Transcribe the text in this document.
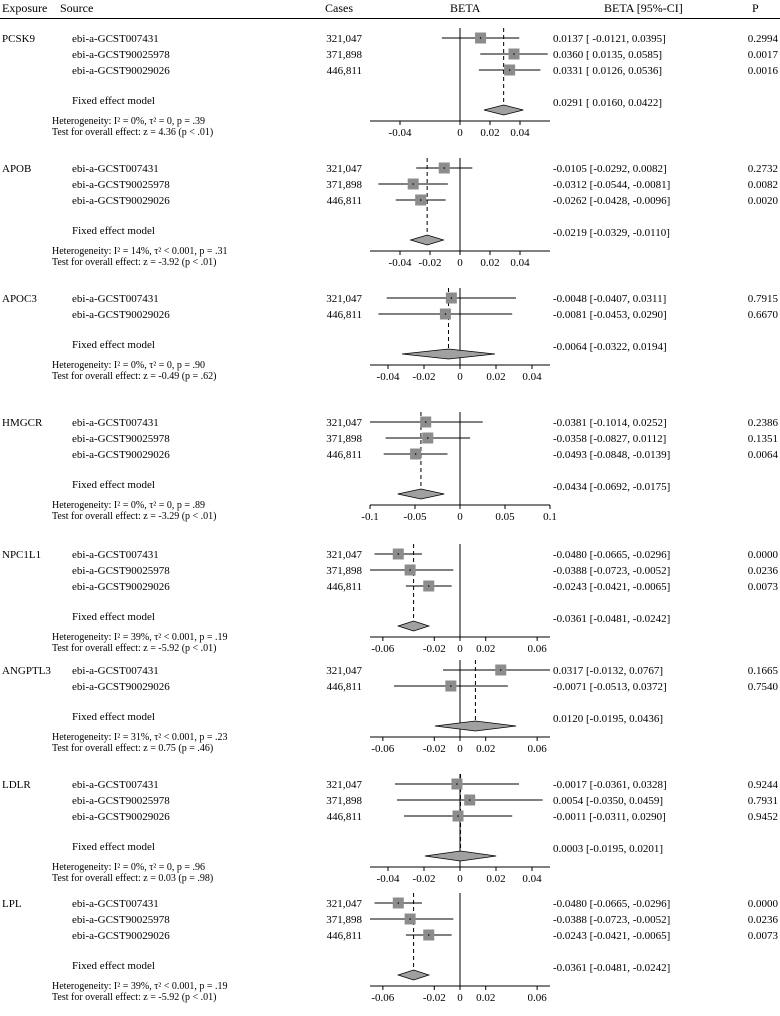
Exposure Source	Cases	BETA	BETA [95%-CI]	P
PCSK9	ebi-a-GCST007431	321,047	0.0137 [ -0.0121, 0.0395]	0.2994
ebi-a-GCST90025978	371,898	0.0360 [ 0.0135, 0.0585]	0.0017
ebi-a-GCST90029026	446,811	0.0331 [ 0.0126, 0.0536]	0.0016
Fixed effect model	0.0291 [ 0.0160, 0.0422]
Heterogeneity: I² = 0%, τ² = 0, p = .39
Test for overall effect: z = 4.36 (p < .01)	-0.04	0 0.02 0.04
APOB	ebi-a-GCST007431	321,047	-0.0105 [-0.0292, 0.0082]	0.2732
ebi-a-GCST90025978	371,898	-0.0312 [-0.0544, -0.0081]	0.0082
ebi-a-GCST90029026	446,811	-0.0262 [-0.0428, -0.0096]	0.0020
Fixed effect model	-0.0219 [-0.0329, -0.0110]
Heterogeneity: I² = 14%, τ² < 0.001, p = .31
Test for overall effect: z = -3.92 (p < .01)	-0.04 -0.02 0 0.02 0.04
APOC3	ebi-a-GCST007431	321,047	-0.0048 [-0.0407, 0.0311]	0.7915
ebi-a-GCST90029026	446,811	-0.0081 [-0.0453, 0.0290]	0.6670
Fixed effect model	-0.0064 [-0.0322, 0.0194]
Heterogeneity: I² = 0%, τ² = 0, p = .90
Test for overall effect: z = -0.49 (p = .62)	-0.04 -0.02 0 0.02 0.04
HMGCR	ebi-a-GCST007431	321,047	-0.0381 [-0.1014, 0.0252]	0.2386
ebi-a-GCST90025978	371,898	-0.0358 [-0.0827, 0.0112]	0.1351
ebi-a-GCST90029026	446,811	-0.0493 [-0.0848, -0.0139]	0.0064
Fixed effect model	-0.0434 [-0.0692, -0.0175]
Heterogeneity: I² = 0%, τ² = 0, p = .89
Test for overall effect: z = -3.29 (p < .01)	-0.1 -0.05	0	0.05	0.1
NPC1L1	ebi-a-GCST007431	321,047	-0.0480 [-0.0665, -0.0296]	0.0000
ebi-a-GCST90025978	371,898	-0.0388 [-0.0723, -0.0052]	0.0236
ebi-a-GCST90029026	446,811	-0.0243 [-0.0421, -0.0065]	0.0073
Fixed effect model	-0.0361 [-0.0481, -0.0242]
Heterogeneity: I² = 39%, τ² < 0.001, p = .19
Test for overall effect: z = -5.92 (p < .01)	-0.06	-0.02 0 0.02	0.06
ANGPTL3 ebi-a-GCST007431	321,047	0.0317 [-0.0132, 0.0767]	0.1665
ebi-a-GCST90029026	446,811	-0.0071 [-0.0513, 0.0372]	0.7540
Fixed effect model	0.0120 [-0.0195, 0.0436]
Heterogeneity: I² = 31%, τ² < 0.001, p = .23
Test for overall effect: z = 0.75 (p = .46)	-0.06	-0.02 0 0.02	0.06
LDLR	ebi-a-GCST007431	321,047	-0.0017 [-0.0361, 0.0328]	0.9244
ebi-a-GCST90025978	371,898	0.0054 [-0.0350, 0.0459]	0.7931
ebi-a-GCST90029026	446,811	-0.0011 [-0.0311, 0.0290]	0.9452
Fixed effect model	0.0003 [-0.0195, 0.0201]
Heterogeneity: I² = 0%, τ² = 0, p = .96
Test for overall effect: z = 0.03 (p = .98)	-0.04 -0.02 0 0.02 0.04
LPL	ebi-a-GCST007431	321,047	-0.0480 [-0.0665, -0.0296]	0.0000
ebi-a-GCST90025978	371,898	-0.0388 [-0.0723, -0.0052]	0.0236
ebi-a-GCST90029026	446,811	-0.0243 [-0.0421, -0.0065]	0.0073
Fixed effect model	-0.0361 [-0.0481, -0.0242]
Heterogeneity: I² = 39%, τ² < 0.001, p = .19
Test for overall effect: z = -5.92 (p < .01)	-0.06	-0.02 0 0.02	0.06
